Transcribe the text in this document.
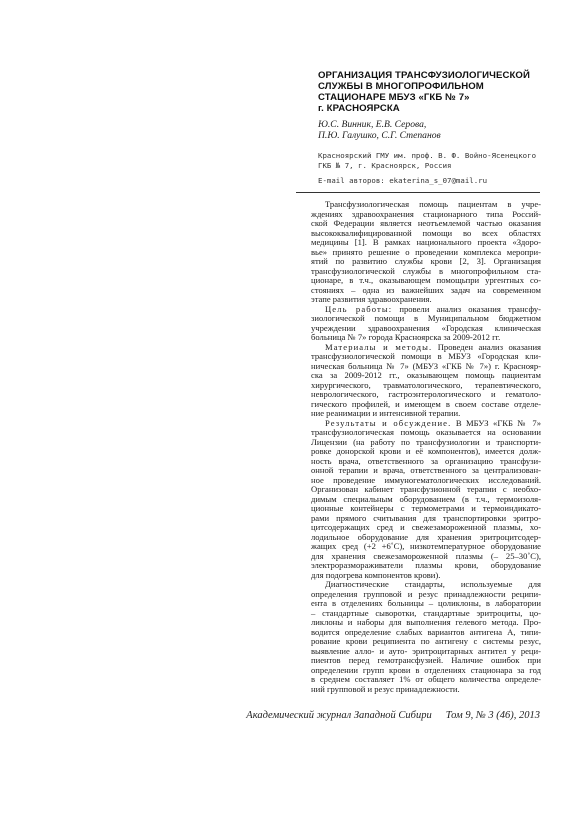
ОРГАНИЗАЦИЯ ТРАНСФУЗИОЛОГИЧЕСКОЙ
СЛУЖБЫ В МНОГОПРОФИЛЬНОМ
СТАЦИОНАРЕ МБУЗ «ГКБ № 7»
г. КРАСНОЯРСКА
Ю.С. Винник, Е.В. Серова,
П.Ю. Галушко, С.Г. Степанов
Красноярский ГМУ им. проф. В. Ф. Войно-Ясенецкого
ГКБ № 7, г. Красноярск, Россия
E-mail авторов: ekaterina_s_07@mail.ru
Трансфузиологическая помощь пациентам в учре-
ждениях здравоохранения стационарного типа Россий-
ской Федерации является неотъемлемой частью оказания
высококвалифицированной помощи во всех областях
медицины [1]. В рамках национального проекта «Здоро-
вье» принято решение о проведении комплекса меропри-
ятий по развитию службы крови [2, 3]. Организация
трансфузиологической службы в многопрофильном ста-
ционаре, в т.ч., оказывающем помощьпри ургентных со-
стояниях – одна из важнейших задач на современном
этапе развития здравоохранения.
Цель работы: провели анализ оказания трансфу-
зиологической помощи в Муниципальном бюджетном
учреждении здравоохранения «Городская клиническая
больница № 7» города Красноярска за 2009-2012 гг.
Материалы и методы. Проведен анализ оказания
трансфузиологической помощи в МБУЗ «Городская кли-
ническая больница № 7» (МБУЗ «ГКБ № 7») г. Краснояр-
ска за 2009-2012 гг., оказывающем помощь пациентам
хирургического, травматологического, терапевтического,
неврологического, гастроэнтерологического и гематоло-
гического профилей, и имеющем в своем составе отделе-
ние реанимации и интенсивной терапии.
Результаты и обсуждение. В МБУЗ «ГКБ № 7»
трансфузиологическая помощь оказывается на основании
Лицензии (на работу по трансфузиологии и транспорти-
ровке донорской крови и её компонентов), имеется долж-
ность врача, ответственного за организацию трансфузи-
онной терапии и врача, ответственного за централизован-
ное проведение иммуногематологических исследований.
Организован кабинет трансфузионной терапии с необхо-
димым специальным оборудованием (в т.ч., термоизоля-
ционные контейнеры с термометрами и термоиндикато-
рами прямого считывания для транспортировки эритро-
цитсодержащих сред и свежезамороженной плазмы, хо-
лодильное оборудование для хранения эритроцитсодер-
жащих сред (+2 +6˚С), низкотемпературное оборудование
для хранения свежезамороженной плазмы (– 25–30˚С),
электроразмораживатели плазмы крови, оборудование
для подогрева компонентов крови).
Диагностические стандарты, используемые для
определения групповой и резус принадлежности реципи-
ента в отделениях больницы – цоликлоны, в лаборатории
– стандартные сыворотки, стандартные эритроциты, цо-
ликлоны и наборы для выполнения гелевого метода. Про-
водится определение слабых вариантов антигена А, типи-
рование крови реципиента по антигену с системы резус,
выявление алло- и ауто- эритроцитарных антител у реци-
пиентов перед гемотрансфузией. Наличие ошибок при
определении групп крови в отделениях стационара за год
в среднем составляет 1% от общего количества определе-
ний групповой и резус принадлежности.
Академический журнал Западной Сибири Том 9, № 3 (46), 2013
